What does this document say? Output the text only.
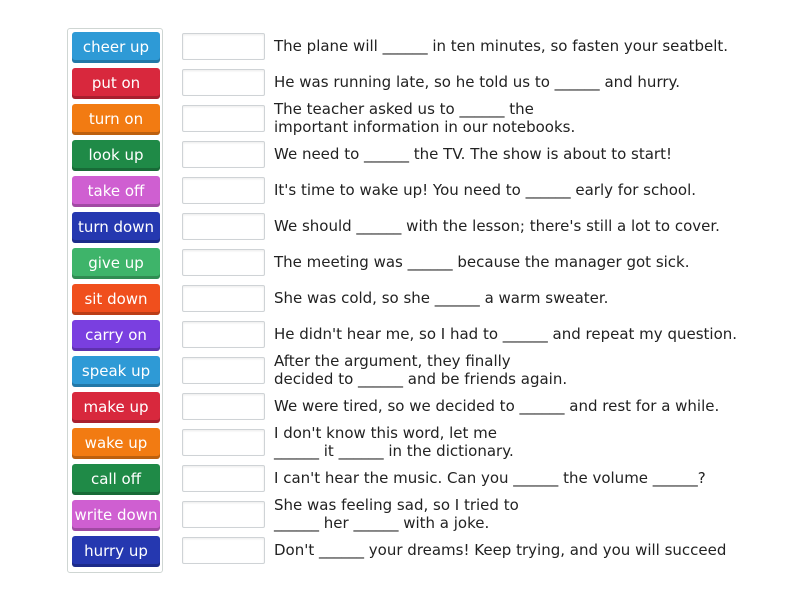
cheer up
put on
turn on
look up
take off
turn down
give up
sit down
carry on
speak up
make up
wake up
call off
write down
hurry up
The plane will ______ in ten minutes, so fasten your seatbelt.
He was running late, so he told us to ______ and hurry.
The teacher asked us to ______ the
important information in our notebooks.
We need to ______ the TV. The show is about to start!
It's time to wake up! You need to ______ early for school.
We should ______ with the lesson; there's still a lot to cover.
The meeting was ______ because the manager got sick.
She was cold, so she ______ a warm sweater.
He didn't hear me, so I had to ______ and repeat my question.
After the argument, they finally
decided to ______ and be friends again.
We were tired, so we decided to ______ and rest for a while.
I don't know this word, let me
______ it ______ in the dictionary.
I can't hear the music. Can you ______ the volume ______?
She was feeling sad, so I tried to
______ her ______ with a joke.
Don't ______ your dreams! Keep trying, and you will succeed
